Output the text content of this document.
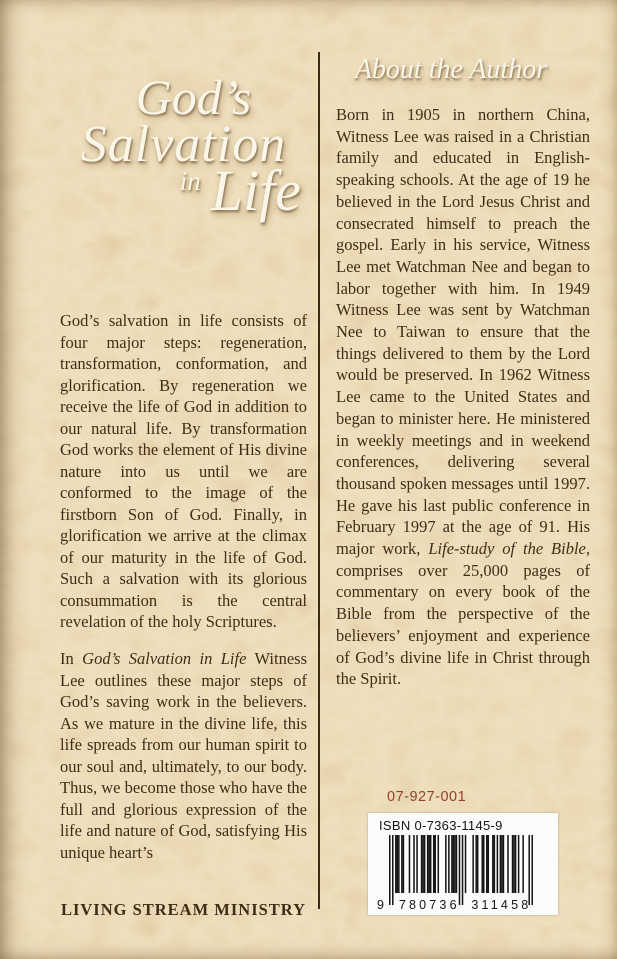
God’s
Salvation
in Life

God’s salvation in life consists of four major steps: regeneration, transformation, conformation, and glorification. By regeneration we receive the life of God in addition to our natural life. By transformation God works the element of His divine nature into us until we are conformed to the image of the firstborn Son of God. Finally, in glorification we arrive at the climax of our maturity in the life of God. Such a salvation with its glorious consummation is the central revelation of the holy Scriptures.

In God’s Salvation in Life Witness Lee outlines these major steps of God’s saving work in the believers. As we mature in the divine life, this life spreads from our human spirit to our soul and, ultimately, to our body. Thus, we become those who have the full and glorious expression of the life and nature of God, satisfying His unique heart’s

LIVING STREAM MINISTRY
About the Author

Born in 1905 in northern China, Witness Lee was raised in a Christian family and educated in English-speaking schools. At the age of 19 he believed in the Lord Jesus Christ and consecrated himself to preach the gospel. Early in his service, Witness Lee met Watchman Nee and began to labor together with him. In 1949 Witness Lee was sent by Watchman Nee to Taiwan to ensure that the things delivered to them by the Lord would be preserved. In 1962 Witness Lee came to the United States and began to minister here. He ministered in weekly meetings and in weekend conferences, delivering several thousand spoken messages until 1997. He gave his last public conference in February 1997 at the age of 91. His major work, Life-study of the Bible, comprises over 25,000 pages of commentary on every book of the Bible from the perspective of the believers’ enjoyment and experience of God’s divine life in Christ through the Spirit.

07-927-001
ISBN 0-7363-1145-9
9 780736 311458
